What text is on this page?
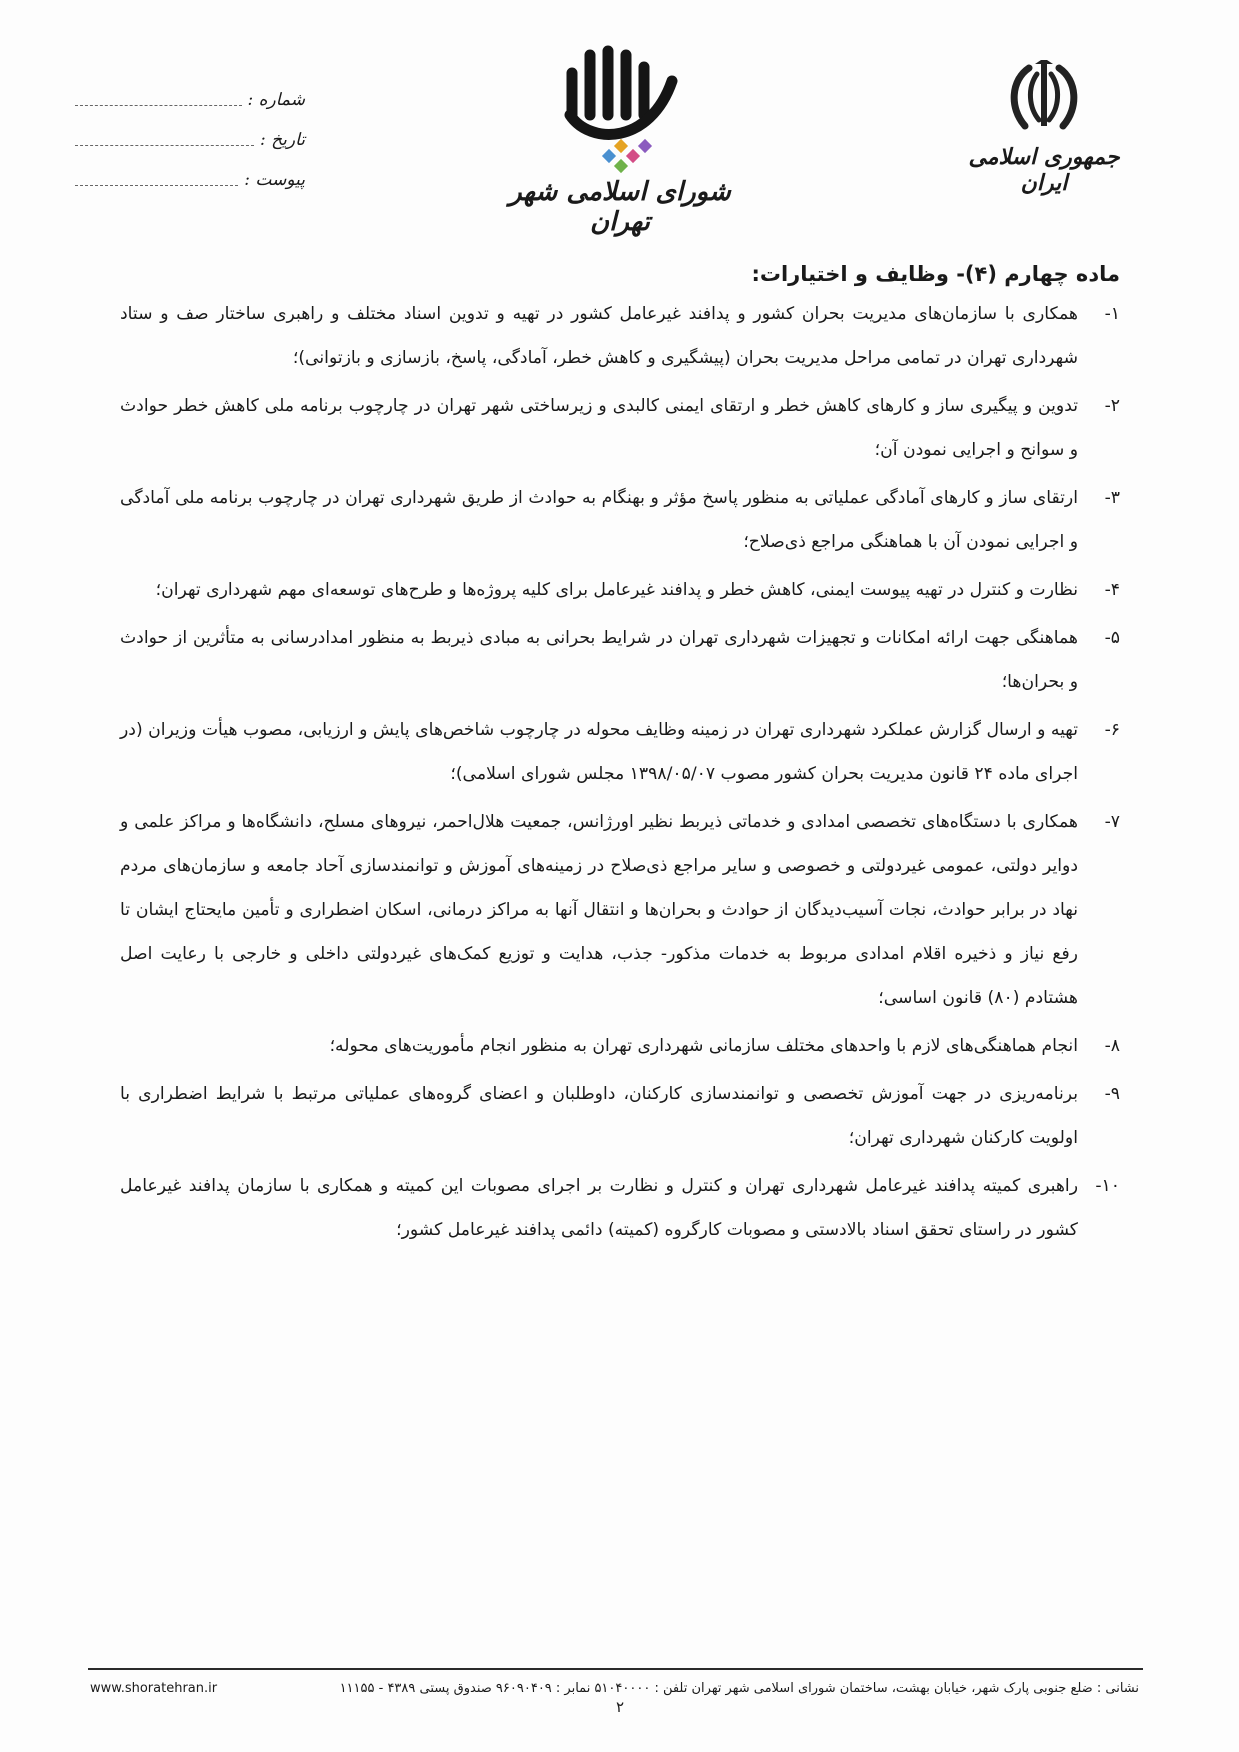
جمهوری اسلامی ایران
شورای اسلامی شهر تهران
شماره :
تاریخ :
پیوست :
ماده چهارم (۴)- وظایف و اختیارات:
۱-
همکاری با سازمان‌های مدیریت بحران کشور و پدافند غیرعامل کشور در تهیه و تدوین اسناد مختلف و راهبری ساختار صف و ستاد شهرداری تهران در تمامی مراحل مدیریت بحران (پیشگیری و کاهش خطر، آمادگی، پاسخ، بازسازی و بازتوانی)؛
۲-
تدوین و پیگیری ساز و کارهای کاهش خطر و ارتقای ایمنی کالبدی و زیرساختی شهر تهران در چارچوب برنامه ملی کاهش خطر حوادث و سوانح و اجرایی نمودن آن؛
۳-
ارتقای ساز و کارهای آمادگی عملیاتی به منظور پاسخ مؤثر و بهنگام به حوادث از طریق شهرداری تهران در چارچوب برنامه ملی آمادگی و اجرایی نمودن آن با هماهنگی مراجع ذی‌صلاح؛
۴-
نظارت و کنترل در تهیه پیوست ایمنی، کاهش خطر و پدافند غیرعامل برای کلیه پروژه‌ها و طرح‌های توسعه‌ای مهم شهرداری تهران؛
۵-
هماهنگی جهت ارائه امکانات و تجهیزات شهرداری تهران در شرایط بحرانی به مبادی ذیربط به منظور امدادرسانی به متأثرین از حوادث و بحران‌ها؛
۶-
تهیه و ارسال گزارش عملکرد شهرداری تهران در زمینه وظایف محوله در چارچوب شاخص‌های پایش و ارزیابی، مصوب هیأت وزیران (در اجرای ماده ۲۴ قانون مدیریت بحران کشور مصوب ۱۳۹۸/۰۵/۰۷ مجلس شورای اسلامی)؛
۷-
همکاری با دستگاه‌های تخصصی امدادی و خدماتی ذیربط نظیر اورژانس، جمعیت هلال‌احمر، نیروهای مسلح، دانشگاه‌ها و مراکز علمی و دوایر دولتی، عمومی غیردولتی و خصوصی و سایر مراجع ذی‌صلاح در زمینه‌های آموزش و توانمندسازی آحاد جامعه و سازمان‌های مردم نهاد در برابر حوادث، نجات آسیب‌دیدگان از حوادث و بحران‌ها و انتقال آنها به مراکز درمانی، اسکان اضطراری و تأمین مایحتاج ایشان تا رفع نیاز و ذخیره اقلام امدادی مربوط به خدمات مذکور- جذب، هدایت و توزیع کمک‌های غیردولتی داخلی و خارجی با رعایت اصل هشتادم (۸۰) قانون اساسی؛
۸-
انجام هماهنگی‌های لازم با واحدهای مختلف سازمانی شهرداری تهران به منظور انجام مأموریت‌های محوله؛
۹-
برنامه‌ریزی در جهت آموزش تخصصی و توانمندسازی کارکنان، داوطلبان و اعضای گروه‌های عملیاتی مرتبط با شرایط اضطراری با اولویت کارکنان شهرداری تهران؛
۱۰-
راهبری کمیته پدافند غیرعامل شهرداری تهران و کنترل و نظارت بر اجرای مصوبات این کمیته و همکاری با سازمان پدافند غیرعامل کشور در راستای تحقق اسناد بالادستی و مصوبات کارگروه (کمیته) دائمی پدافند غیرعامل کشور؛
نشانی : ضلع جنوبی پارک شهر، خیابان بهشت، ساختمان شورای اسلامی شهر تهران تلفن : ۵۱۰۴۰۰۰۰ نمابر : ۹۶۰۹۰۴۰۹ صندوق پستی ۴۳۸۹ - ۱۱۱۵۵
www.shoratehran.ir
۲
